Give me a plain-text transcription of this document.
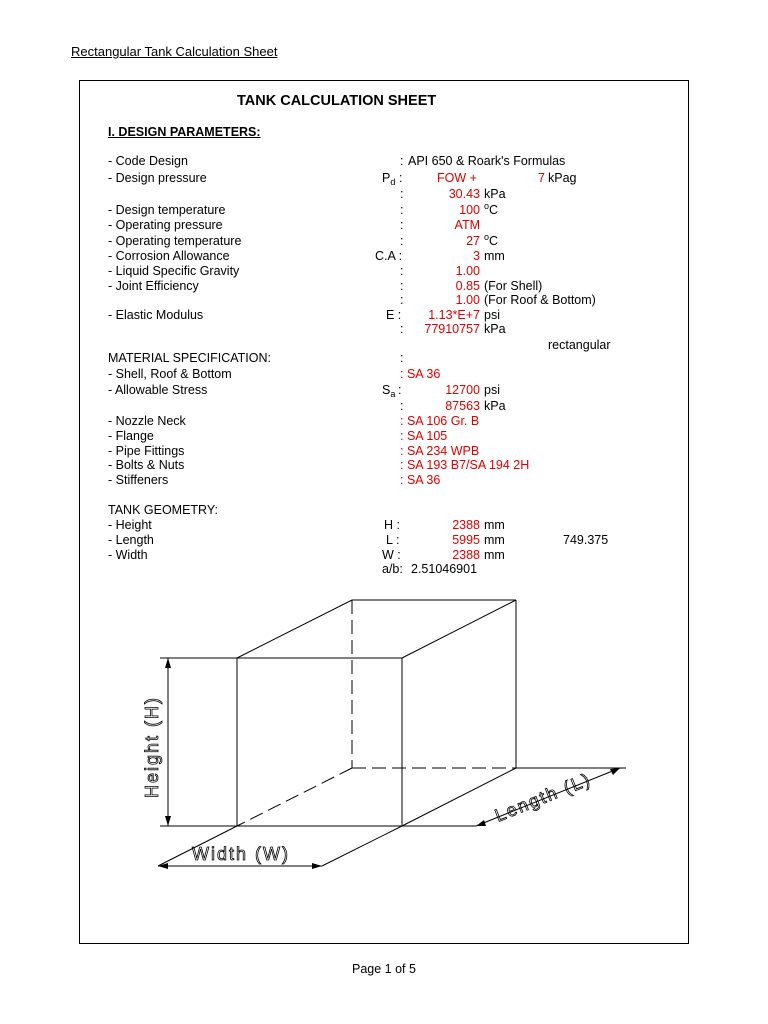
Rectangular Tank Calculation Sheet
TANK CALCULATION SHEET
I. DESIGN PARAMETERS:
- Code Design	: API 650 & Roark's Formulas
- Design pressure	$P_d$ :	FOW +	7 kPag
:	30.43 kPa
- Design temperature	:	100 $^o$C
- Operating pressure	:	ATM
- Operating temperature	:	27 $^o$C
- Corrosion Allowance	C.A :	3 mm
- Liquid Specific Gravity	:	1.00
- Joint Efficiency	:	0.85 (For Shell)
:	1.00 (For Roof & Bottom)
- Elastic Modulus	E :	1.13*E+7 psi
:	77910757 kPa
rectangular
MATERIAL SPECIFICATION:	:
- Shell, Roof & Bottom	: SA 36
- Allowable Stress	$S_a$ :	12700 psi
:	87563 kPa
- Nozzle Neck	: SA 106 Gr. B
- Flange	: SA 105
- Pipe Fittings	: SA 234 WPB
- Bolts & Nuts	: SA 193 B7/SA 194 2H
- Stiffeners	: SA 36
TANK GEOMETRY:
- Height	H :	2388 mm
- Length	L :	5995 mm	749.375
- Width	W :	2388 mm
a/b: 2.51046901
Height (H)	Length (L)
Width (W)
Page 1 of 5
